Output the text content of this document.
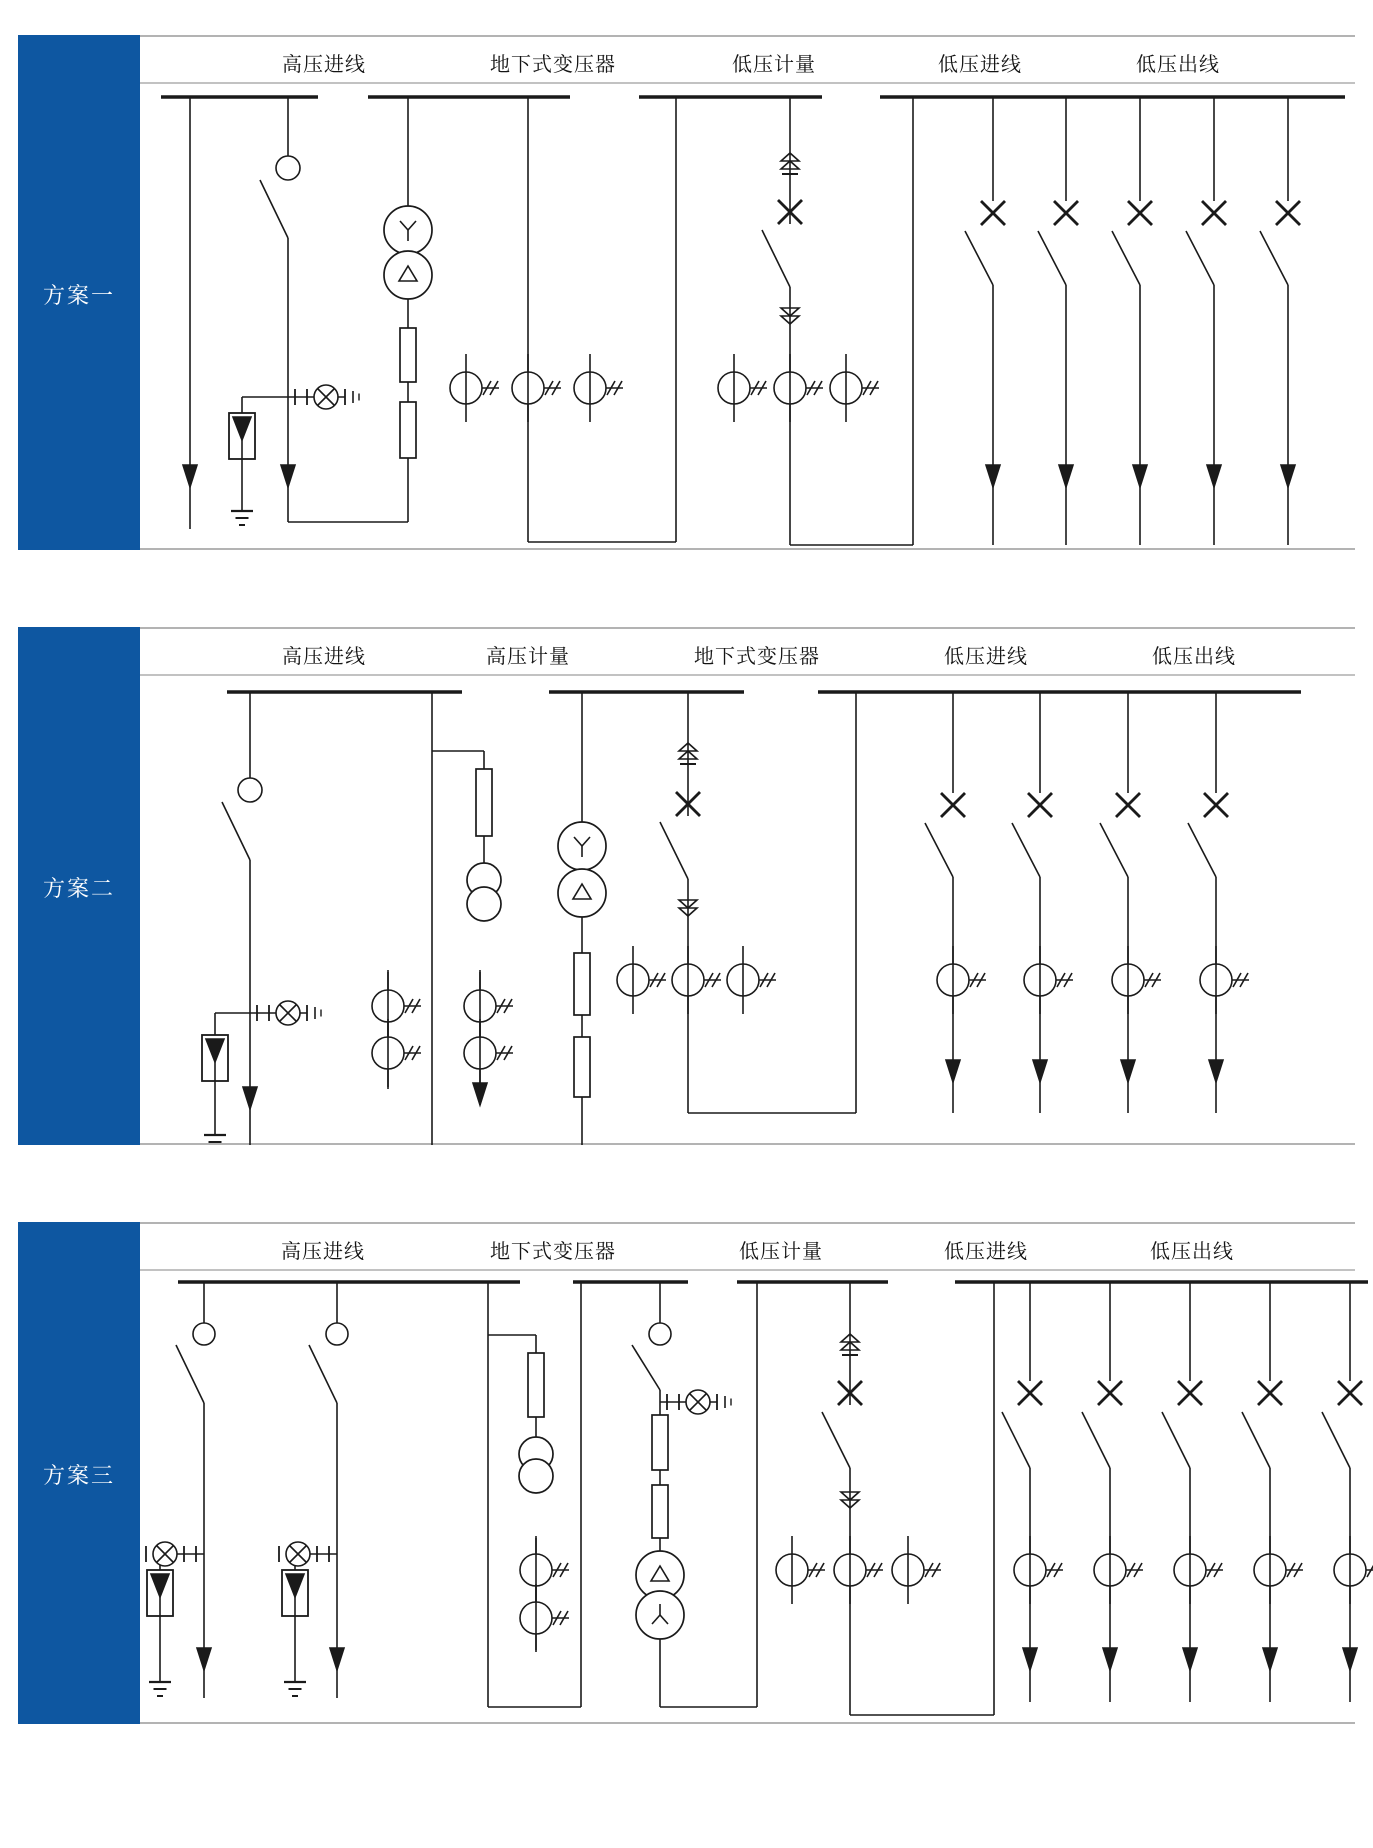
方案一
高压进线	地下式变压器	低压计量	低压进线	低压出线
方案二
高压进线	高压计量	地下式变压器	低压进线	低压出线
方案三
高压进线	地下式变压器	低压计量	低压进线	低压出线
